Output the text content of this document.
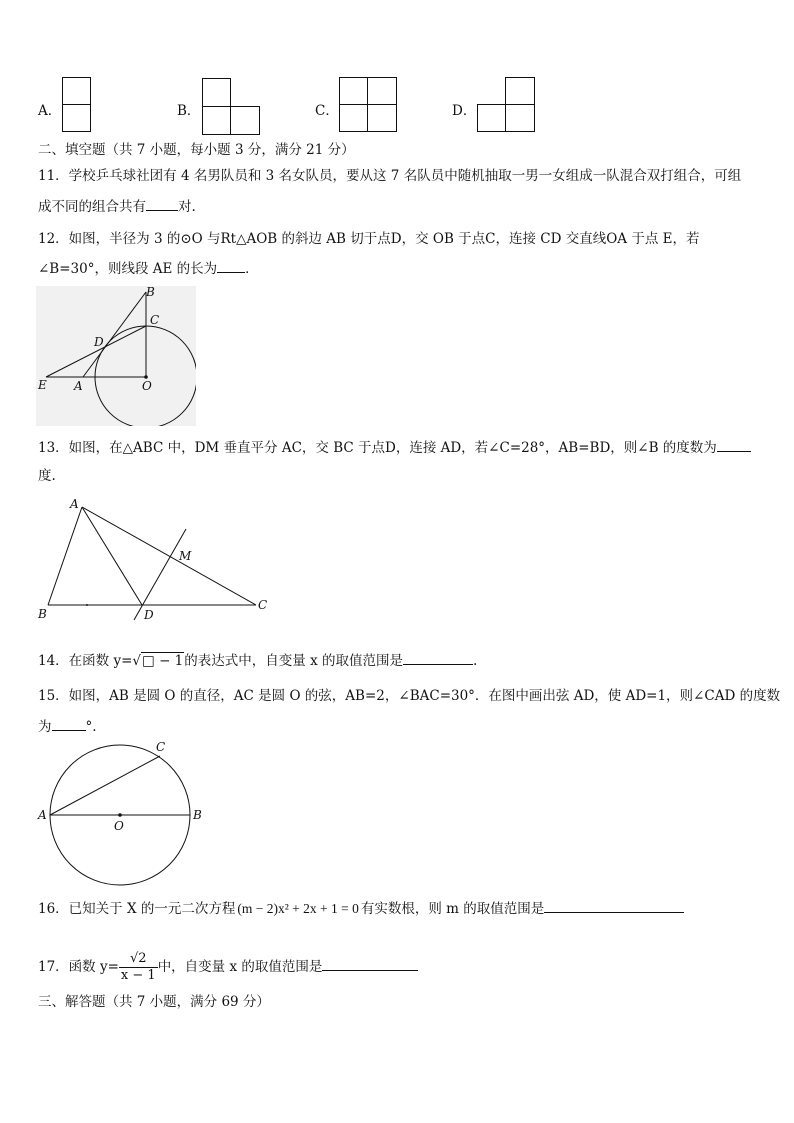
A．	B．	C．	D．
二、填空题（共 7 小题，每小题 3 分，满分 21 分）
11．学校乒乓球社团有 4 名男队员和 3 名女队员，要从这 7 名队员中随机抽取一男一女组成一队混合双打组合，可组
成不同的组合共有 对.
12．如图，半径为 3 的⊙O 与Rt△AOB 的斜边 AB 切于点D，交 OB 于点C，连接 CD 交直线OA 于点 E，若
∠B=30°，则线段 AE 的长为 ．
B
C
D
E A	O
13．如图，在△ABC 中，DM 垂直平分 AC，交 BC 于点D，连接 AD，若∠C=28°，AB=BD，则∠B 的度数为
度.
A
B
C
D
M
14．在函数 y=√□ − 1的表达式中，自变量 x 的取值范围是	.
15．如图，AB 是圆 O 的直径，AC 是圆 O 的弦，AB=2，∠BAC=30°．在图中画出弦 AD，使 AD=1，则∠CAD 的度数
为	°.
A	B
C
O
16．已知关于 X 的一元二次方程 (m − 2)x² + 2x + 1 = 0 有实数根，则 m 的取值范围是
17．函数 $y= \frac{√2}{x - 1}$ 中，自变量 x 的取值范围是
三、解答题（共 7 小题，满分 69 分）
